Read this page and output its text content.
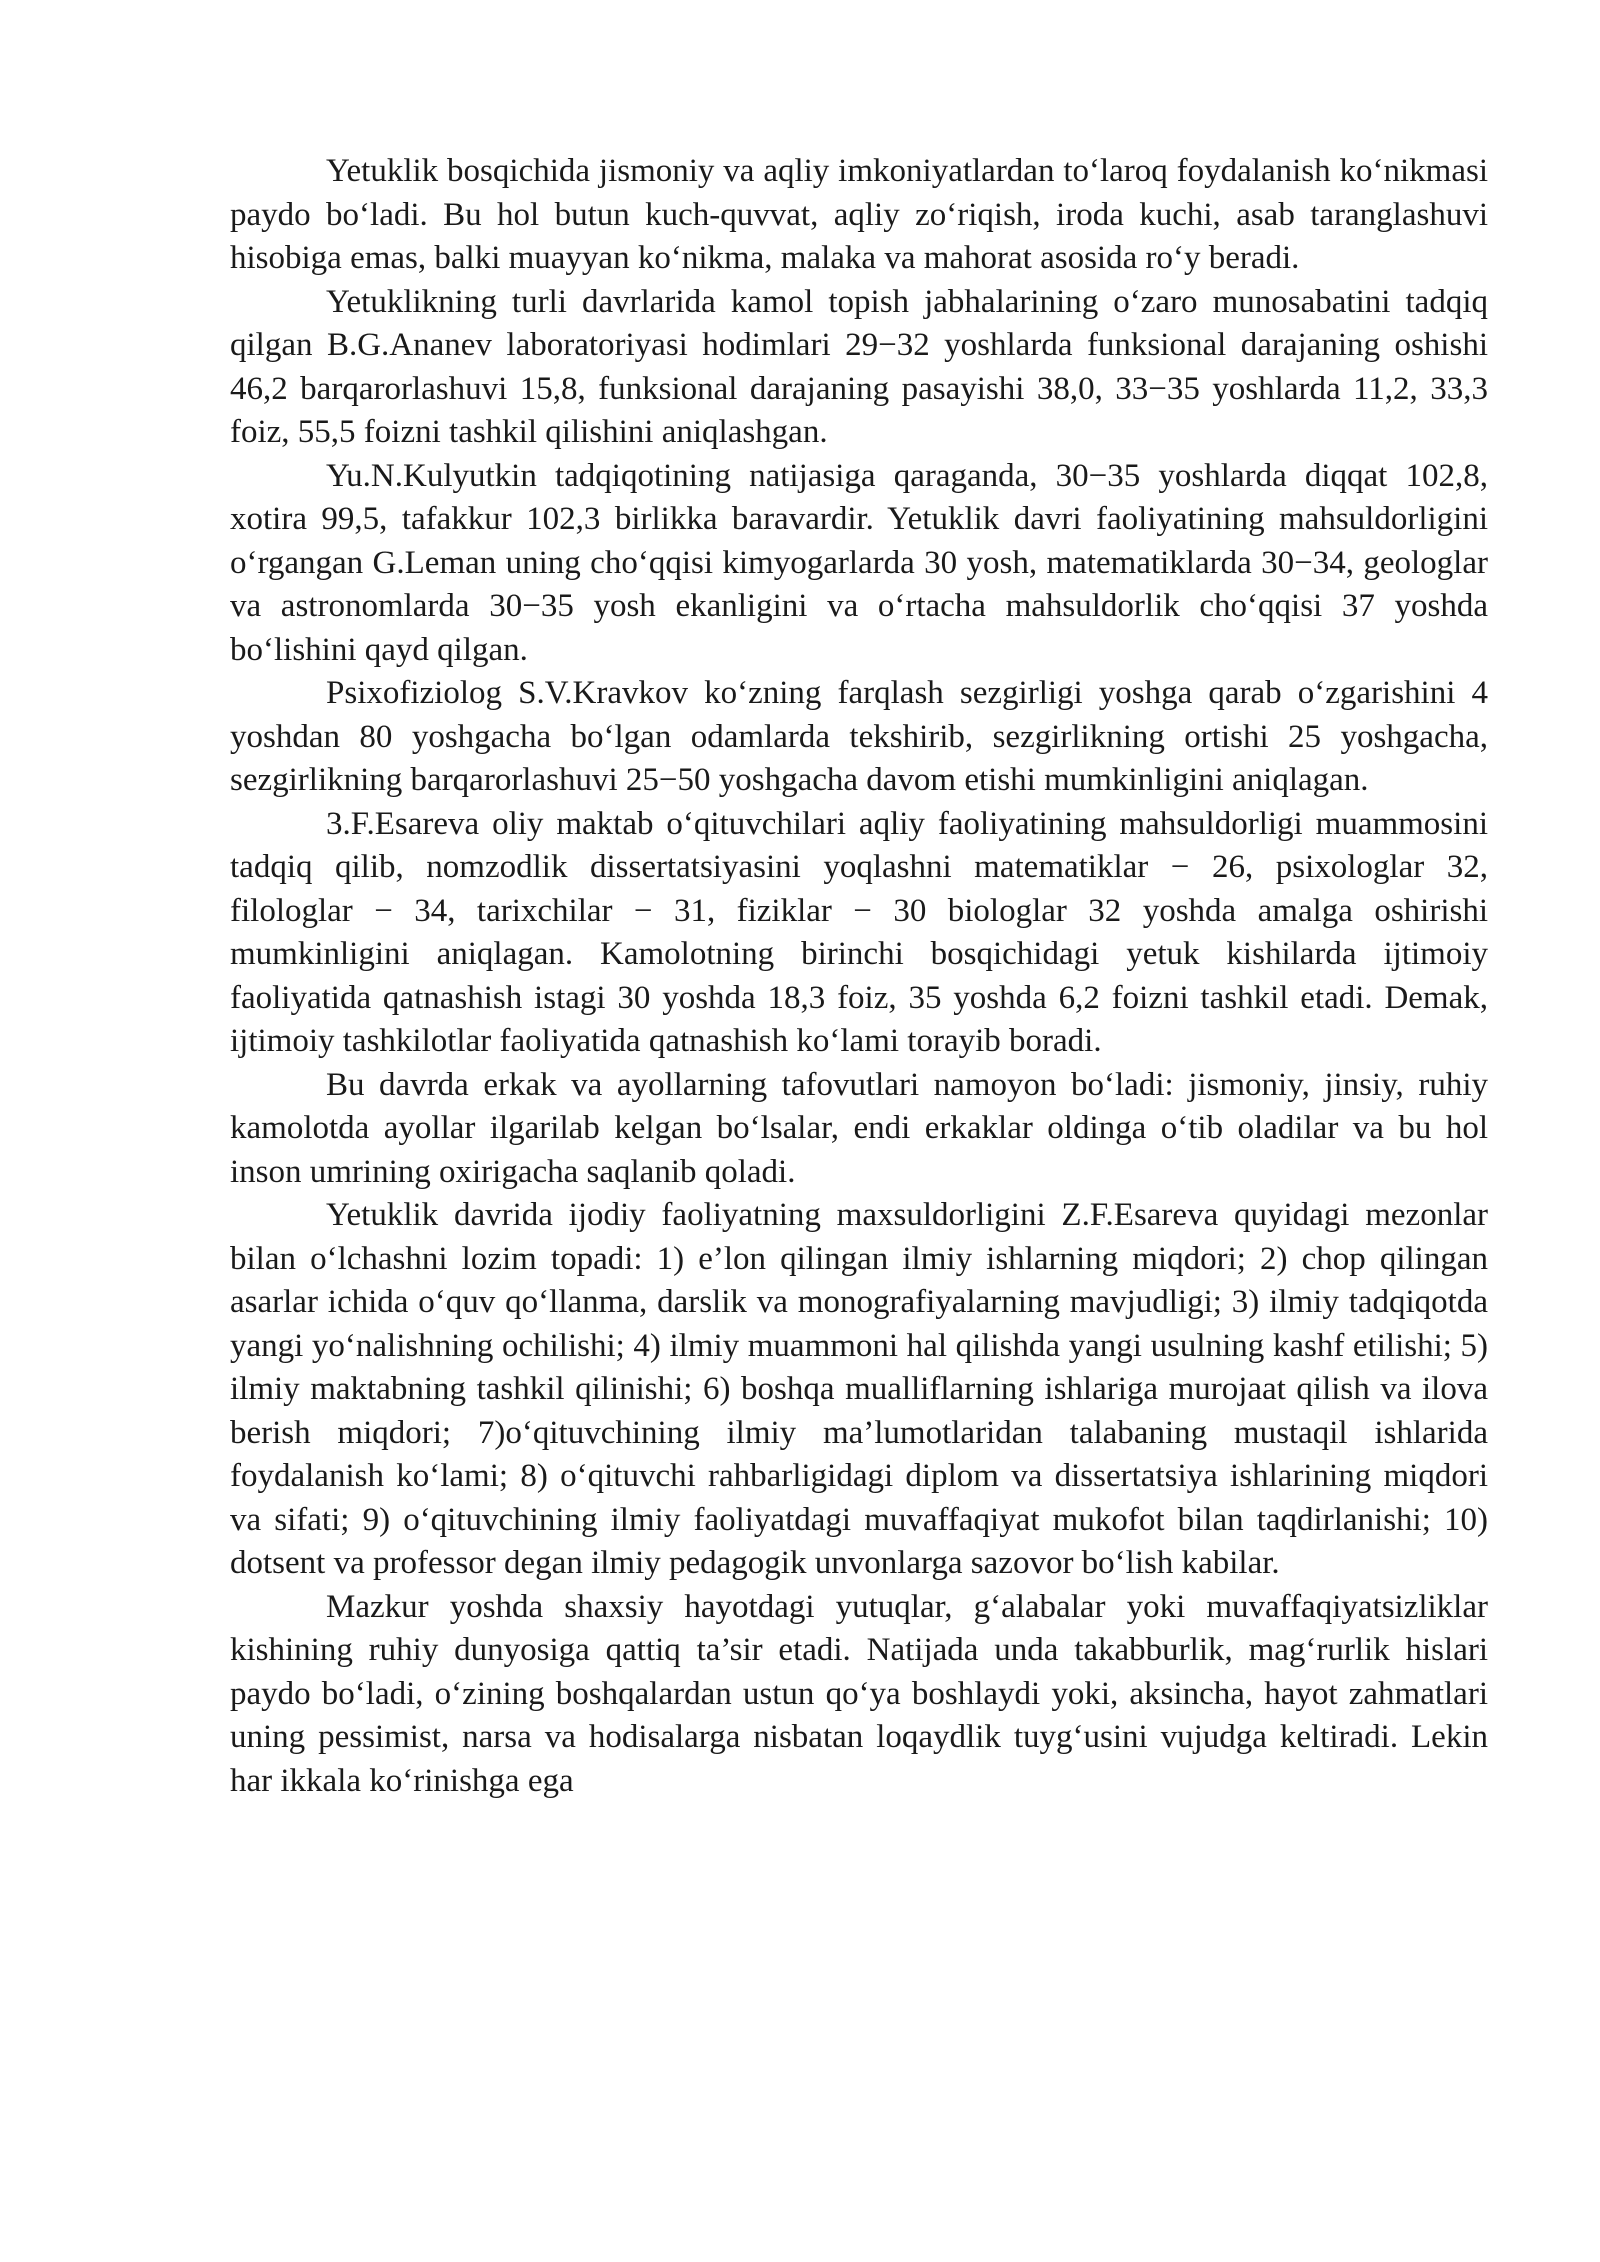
Yetuklik bosqichida jismoniy va aqliy imkoniyatlardan to‘laroq foydalanish ko‘nikmasi paydo bo‘ladi. Bu hol butun kuch-quvvat, aqliy zo‘riqish, iroda kuchi, asab taranglashuvi hisobiga emas, balki muayyan ko‘nikma, malaka va mahorat asosida ro‘y beradi.

Yetuklikning turli davrlarida kamol topish jabhalarining o‘zaro munosabatini tadqiq qilgan B.G.Ananev laboratoriyasi hodimlari 29−32 yoshlarda funksional darajaning oshishi 46,2 barqarorlashuvi 15,8, funksional darajaning pasayishi 38,0, 33−35 yoshlarda 11,2, 33,3 foiz, 55,5 foizni tashkil qilishini aniqlashgan.

Yu.N.Kulyutkin tadqiqotining natijasiga qaraganda, 30−35 yoshlarda diqqat 102,8, xotira 99,5, tafakkur 102,3 birlikka baravardir. Yetuklik davri faoliyatining mahsuldorligini o‘rgangan G.Leman uning cho‘qqisi kimyogarlarda 30 yosh, matematiklarda 30−34, geologlar va astronomlarda 30−35 yosh ekanligini va o‘rtacha mahsuldorlik cho‘qqisi 37 yoshda bo‘lishini qayd qilgan.

Psixofiziolog S.V.Kravkov ko‘zning farqlash sezgirligi yoshga qarab o‘zgarishini 4 yoshdan 80 yoshgacha bo‘lgan odamlarda tekshirib, sezgirlikning ortishi 25 yoshgacha, sezgirlikning barqarorlashuvi 25−50 yoshgacha davom etishi mumkinligini aniqlagan.

3.F.Esareva oliy maktab o‘qituvchilari aqliy faoliyatining mahsuldorligi muammosini tadqiq qilib, nomzodlik dissertatsiyasini yoqlashni matematiklar − 26, psixologlar 32, filologlar − 34, tarixchilar − 31, fiziklar − 30 biologlar 32 yoshda amalga oshirishi mumkinligini aniqlagan. Kamolotning birinchi bosqichidagi yetuk kishilarda ijtimoiy faoliyatida qatnashish istagi 30 yoshda 18,3 foiz, 35 yoshda 6,2 foizni tashkil etadi. Demak, ijtimoiy tashkilotlar faoliyatida qatnashish ko‘lami torayib boradi.

Bu davrda erkak va ayollarning tafovutlari namoyon bo‘ladi: jismoniy, jinsiy, ruhiy kamolotda ayollar ilgarilab kelgan bo‘lsalar, endi erkaklar oldinga o‘tib oladilar va bu hol inson umrining oxirigacha saqlanib qoladi.

Yetuklik davrida ijodiy faoliyatning maxsuldorligini Z.F.Esareva quyidagi mezonlar bilan o‘lchashni lozim topadi: 1) e’lon qilingan ilmiy ishlarning miqdori; 2) chop qilingan asarlar ichida o‘quv qo‘llanma, darslik va monografiyalarning mavjudligi; 3) ilmiy tadqiqotda yangi yo‘nalishning ochilishi; 4) ilmiy muammoni hal qilishda yangi usulning kashf etilishi; 5) ilmiy maktabning tashkil qilinishi; 6) boshqa mualliflarning ishlariga murojaat qilish va ilova berish miqdori; 7)o‘qituvchining ilmiy ma’lumotlaridan talabaning mustaqil ishlarida foydalanish ko‘lami; 8) o‘qituvchi rahbarligidagi diplom va dissertatsiya ishlarining miqdori va sifati; 9) o‘qituvchining ilmiy faoliyatdagi muvaffaqiyat mukofot bilan taqdirlanishi; 10) dotsent va professor degan ilmiy pedagogik unvonlarga sazovor bo‘lish kabilar.

Mazkur yoshda shaxsiy hayotdagi yutuqlar, g‘alabalar yoki muvaffaqiyatsizliklar kishining ruhiy dunyosiga qattiq ta’sir etadi. Natijada unda takabburlik, mag‘rurlik hislari paydo bo‘ladi, o‘zining boshqalardan ustun qo‘ya boshlaydi yoki, aksincha, hayot zahmatlari uning pessimist, narsa va hodisalarga nisbatan loqaydlik tuyg‘usini vujudga keltiradi. Lekin har ikkala ko‘rinishga ega
